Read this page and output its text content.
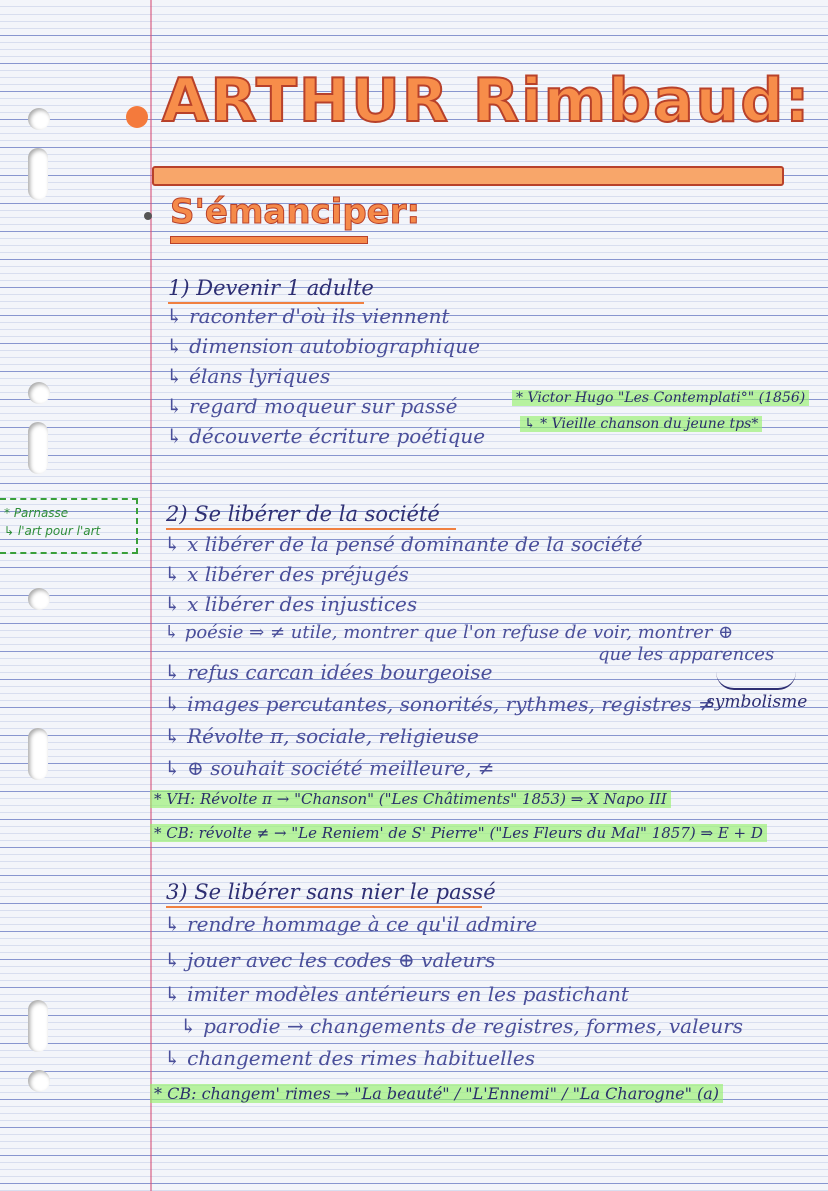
ARTHUR Rimbaud:
S'émanciper:
1) Devenir 1 adulte
↳ raconter d'où ils viennent
↳ dimension autobiographique
↳ élans lyriques
↳ regard moqueur sur passé
↳ découverte écriture poétique
* Victor Hugo "Les Contemplati°" (1856)
↳ * Vieille chanson du jeune tps*
* Parnasse
↳ l'art pour l'art
2) Se libérer de la société
↳ x libérer de la pensé dominante de la société
↳ x libérer des préjugés
↳ x libérer des injustices
↳ poésie ⇒ ≠ utile, montrer que l'on refuse de voir, montrer ⊕
que les apparences
↳ refus carcan idées bourgeoise
↳ images percutantes, sonorités, rythmes, registres ≠
symbolisme
↳ Révolte π, sociale, religieuse
↳ ⊕ souhait société meilleure, ≠
* VH: Révolte π → "Chanson" ("Les Châtiments" 1853) ⇒ X Napo III
* CB: révolte ≠ → "Le Reniem' de S' Pierre" ("Les Fleurs du Mal" 1857) ⇒ E + D
3) Se libérer sans nier le passé
↳ rendre hommage à ce qu'il admire
↳ jouer avec les codes ⊕ valeurs
↳ imiter modèles antérieurs en les pastichant
↳ parodie → changements de registres, formes, valeurs
↳ changement des rimes habituelles
* CB: changem' rimes → "La beauté" / "L'Ennemi" / "La Charogne" (a)
